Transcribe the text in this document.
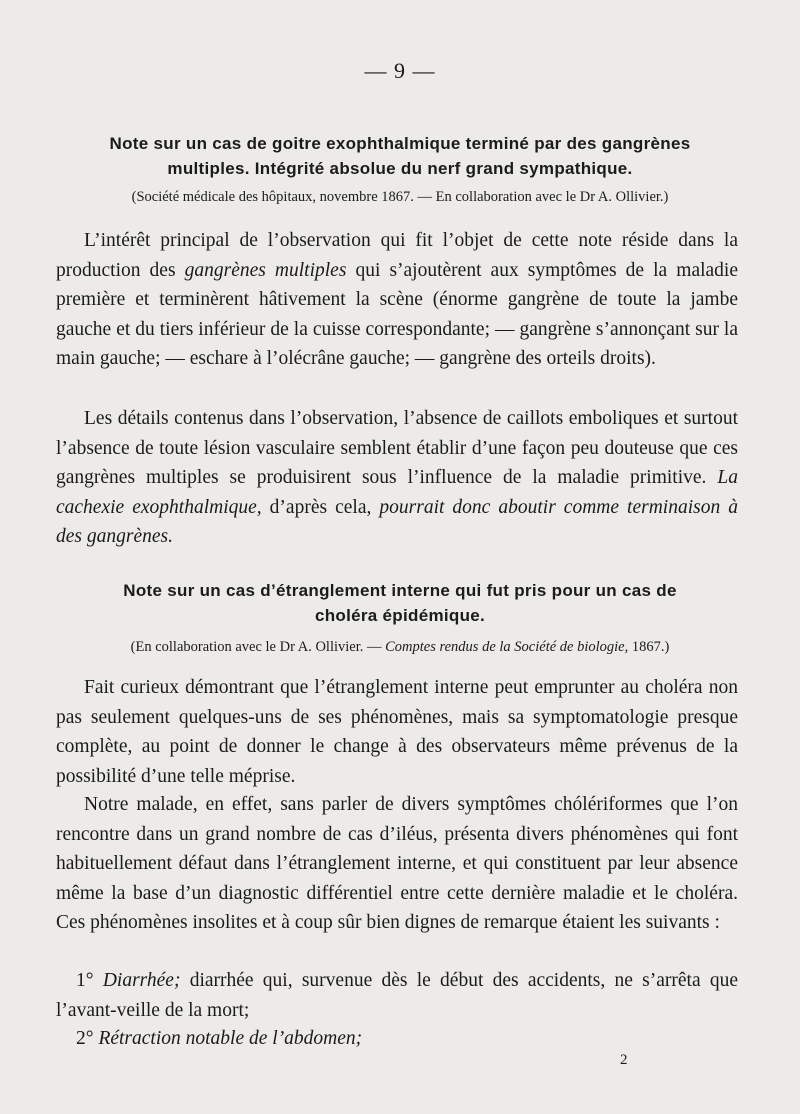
— 9 —
Note sur un cas de goitre exophthalmique terminé par des gangrènes
multiples. Intégrité absolue du nerf grand sympathique.
(Société médicale des hôpitaux, novembre 1867. — En collaboration avec le Dr A. Ollivier.)

L’intérêt principal de l’observation qui fit l’objet de cette note réside dans la production des gangrènes multiples qui s’ajoutèrent aux symptômes de la maladie première et terminèrent hâtivement la scène (énorme gangrène de toute la jambe gauche et du tiers inférieur de la cuisse correspondante; — gangrène s’annonçant sur la main gauche; — eschare à l’olécrâne gauche; — gangrène des orteils droits).

Les détails contenus dans l’observation, l’absence de caillots emboliques et surtout l’absence de toute lésion vasculaire semblent établir d’une façon peu douteuse que ces gangrènes multiples se produisirent sous l’influence de la maladie primitive. La cachexie exophthalmique, d’après cela, pourrait donc aboutir comme terminaison à des gangrènes.

Note sur un cas d’étranglement interne qui fut pris pour un cas de
choléra épidémique.
(En collaboration avec le Dr A. Ollivier. — Comptes rendus de la Société de biologie, 1867.)

Fait curieux démontrant que l’étranglement interne peut emprunter au choléra non pas seulement quelques-uns de ses phénomènes, mais sa symptomatologie presque complète, au point de donner le change à des observateurs même prévenus de la possibilité d’une telle méprise.

Notre malade, en effet, sans parler de divers symptômes chólériformes que l’on rencontre dans un grand nombre de cas d’iléus, présenta divers phénomènes qui font habituellement défaut dans l’étranglement interne, et qui constituent par leur absence même la base d’un diagnostic différentiel entre cette dernière maladie et le choléra. Ces phénomènes insolites et à coup sûr bien dignes de remarque étaient les suivants :

1° Diarrhée; diarrhée qui, survenue dès le début des accidents, ne s’arrêta que l’avant-veille de la mort;

2° Rétraction notable de l’abdomen;

2
